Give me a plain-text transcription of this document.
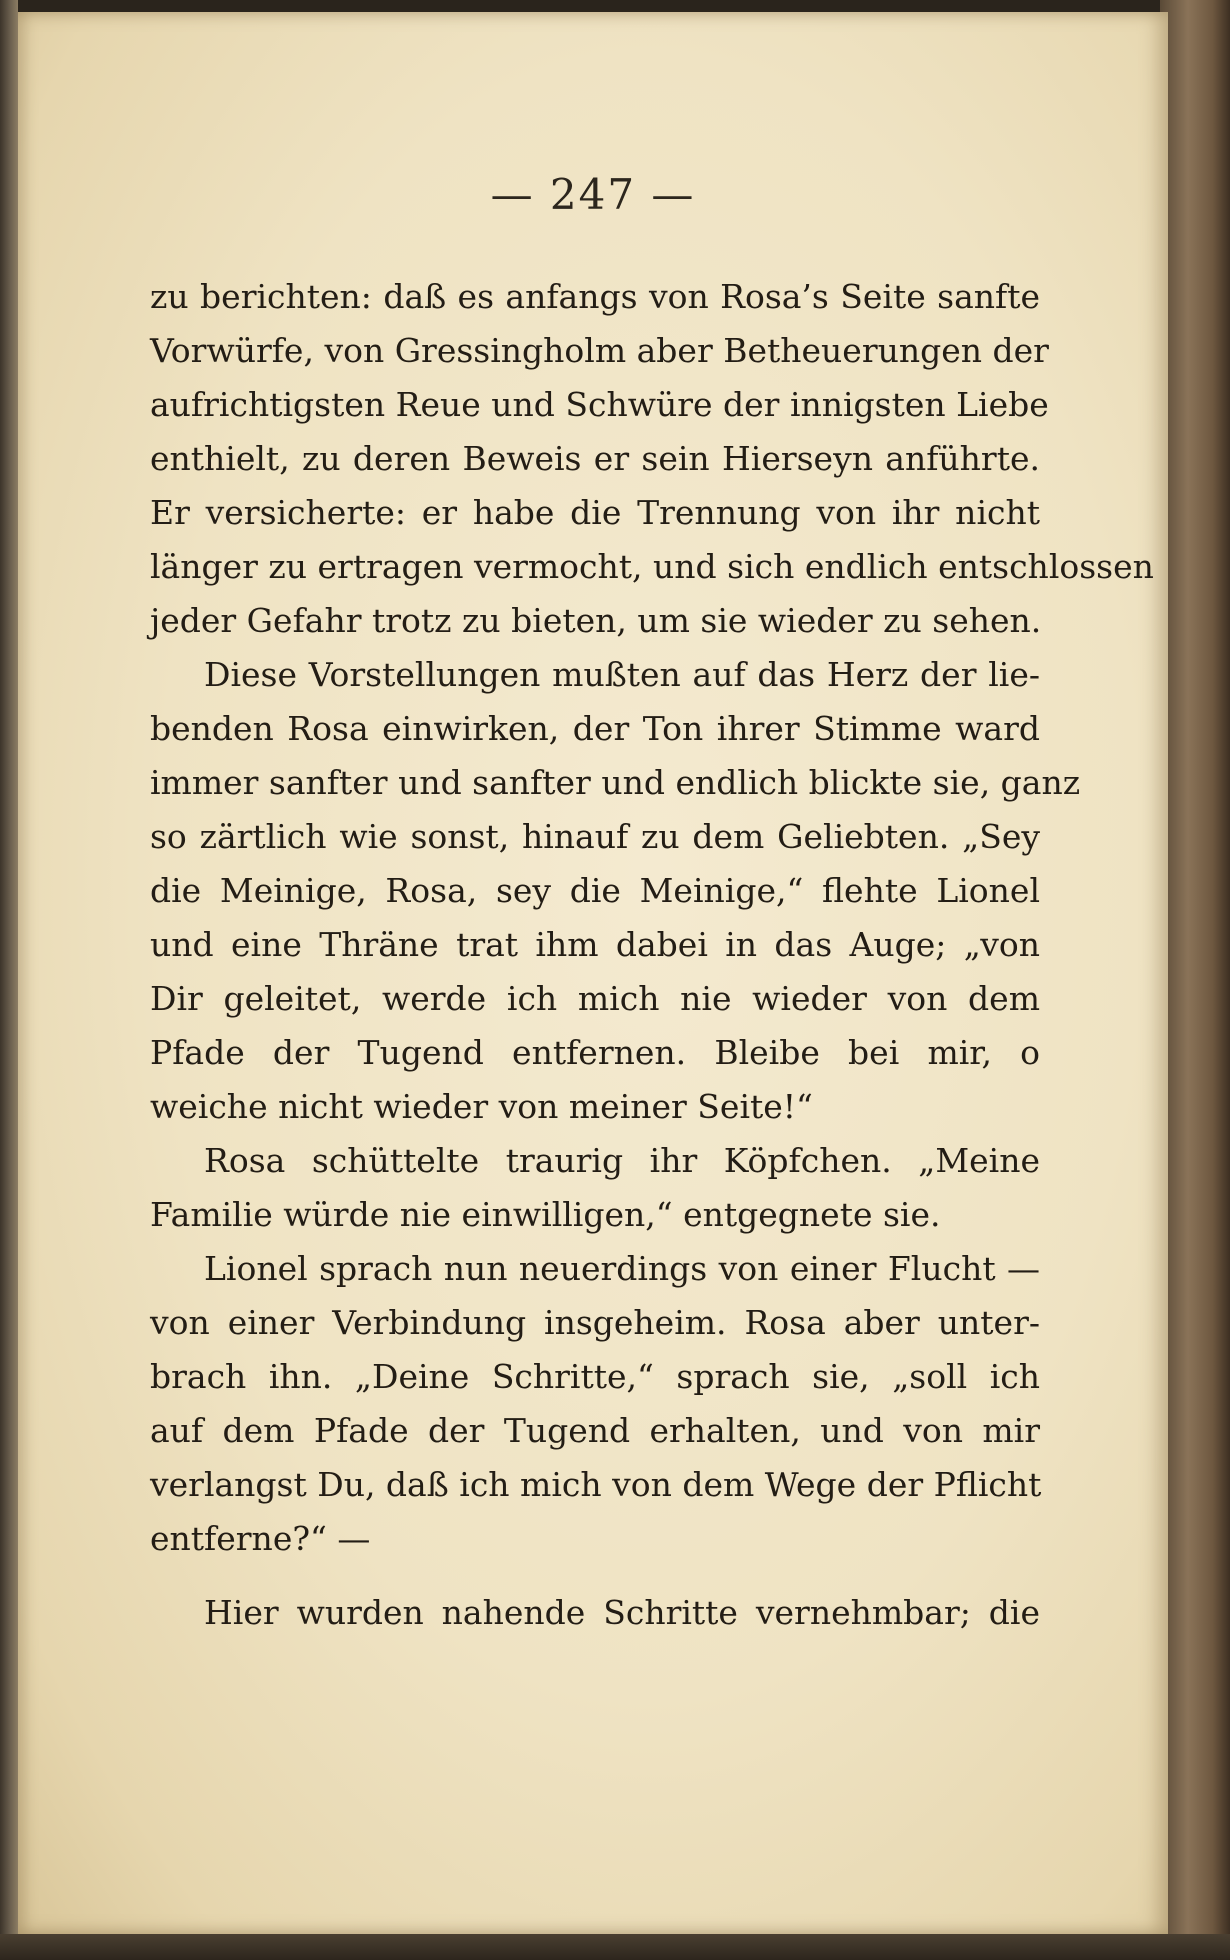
— 247 —
zu berichten: daß es anfangs von Rosa’s Seite sanfte
Vorwürfe, von Gressingholm aber Betheuerungen der
aufrichtigsten Reue und Schwüre der innigsten Liebe
enthielt, zu deren Beweis er sein Hierseyn anführte.
Er versicherte: er habe die Trennung von ihr nicht
länger zu ertragen vermocht, und sich endlich entschlossen
jeder Gefahr trotz zu bieten, um sie wieder zu sehen.
Diese Vorstellungen mußten auf das Herz der lie-
benden Rosa einwirken, der Ton ihrer Stimme ward
immer sanfter und sanfter und endlich blickte sie, ganz
so zärtlich wie sonst, hinauf zu dem Geliebten. „Sey
die Meinige, Rosa, sey die Meinige,“ flehte Lionel
und eine Thräne trat ihm dabei in das Auge; „von
Dir geleitet, werde ich mich nie wieder von dem
Pfade der Tugend entfernen. Bleibe bei mir, o
weiche nicht wieder von meiner Seite!“
Rosa schüttelte traurig ihr Köpfchen. „Meine
Familie würde nie einwilligen,“ entgegnete sie.
Lionel sprach nun neuerdings von einer Flucht —
von einer Verbindung insgeheim. Rosa aber unter-
brach ihn. „Deine Schritte,“ sprach sie, „soll ich
auf dem Pfade der Tugend erhalten, und von mir
verlangst Du, daß ich mich von dem Wege der Pflicht
entferne?“ —
Hier wurden nahende Schritte vernehmbar; die
